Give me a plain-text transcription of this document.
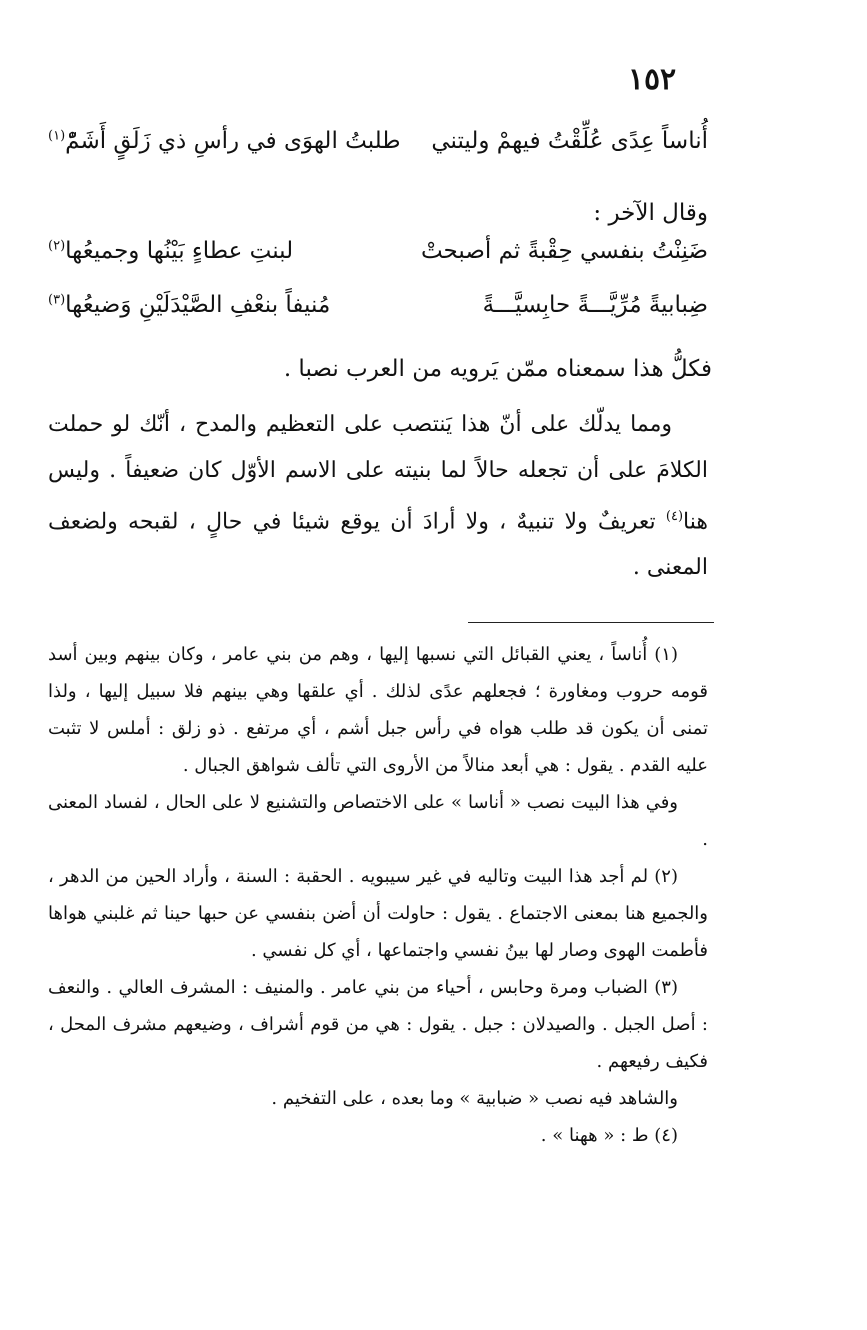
١٥٢
أُناساً عِدًى عُلِّقْتُ فيهمْ وليتني
طلبتُ الهوَى في رأسِ ذي زَلَقٍ أَشَمّْ$^{(١)}$
وقال الآخر :
ضَنِنْتُ بنفسي حِقْبةً ثم أصبحتْ
لبنتِ عطاءٍ بَيْنُها وجميعُها$^{(٢)}$
ضِبابيةً مُرِّيَّـــةً حابِسيَّـــةً
مُنيفاً بنعْفِ الصَّيْدَلَيْنِ وَضيعُها$^{(٣)}$
فكلُّ هذا سمعناه ممّن يَرويه من العرب نصبا .

ومما يدلّك على أنّ هذا يَنتصب على التعظيم والمدح ، أنّك لو حملت الكلامَ على أن تجعله حالاً لما بنيته على الاسم الأوّل كان ضعيفاً . وليس هنا$^{(٤)}$ تعريفٌ ولا تنبيهٌ ، ولا أرادَ أن يوقع شيئا في حالٍ ، لقبحه ولضعف المعنى .

(١) أُناساً ، يعني القبائل التي نسبها إليها ، وهم من بني عامر ، وكان بينهم وبين أسد قومه حروب ومغاورة ؛ فجعلهم عدًى لذلك . أي علقها وهي بينهم فلا سبيل إليها ، ولذا تمنى أن يكون قد طلب هواه في رأس جبل أشم ، أي مرتفع . ذو زلق : أملس لا تثبت عليه القدم . يقول : هي أبعد منالاً من الأروى التي تألف شواهق الجبال .

وفي هذا البيت نصب « أناسا » على الاختصاص والتشنيع لا على الحال ، لفساد المعنى .

(٢) لم أجد هذا البيت وتاليه في غير سيبويه . الحقبة : السنة ، وأراد الحين من الدهر ، والجميع هنا بمعنى الاجتماع . يقول : حاولت أن أضن بنفسي عن حبها حينا ثم غلبني هواها فأطمت الهوى وصار لها بينُ نفسي واجتماعها ، أي كل نفسي .

(٣) الضباب ومرة وحابس ، أحياء من بني عامر . والمنيف : المشرف العالي . والنعف : أصل الجبل . والصيدلان : جبل . يقول : هي من قوم أشراف ، وضيعهم مشرف المحل ، فكيف رفيعهم .

والشاهد فيه نصب « ضبابية » وما بعده ، على التفخيم .

(٤) ط : « ههنا » .
